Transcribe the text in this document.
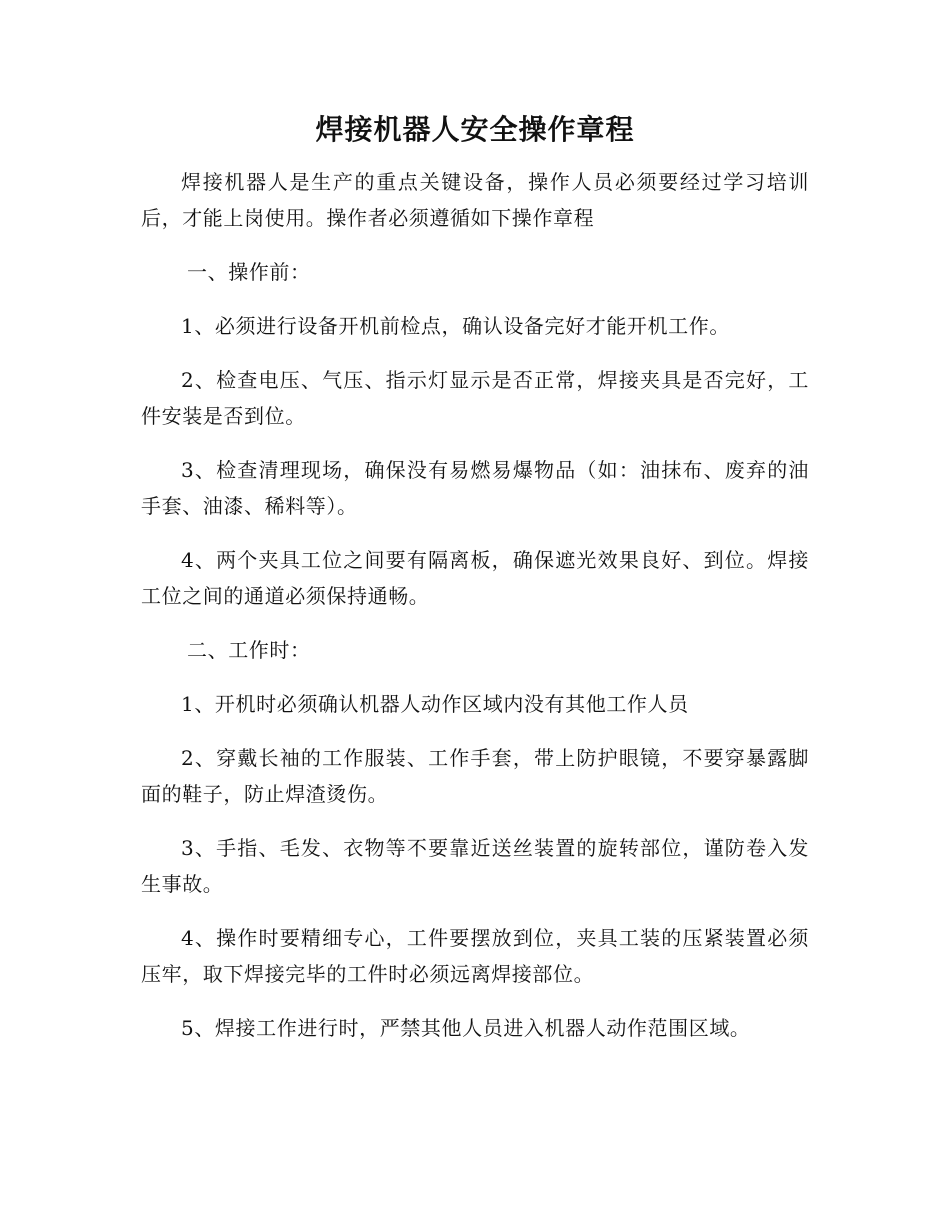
焊接机器人安全操作章程

焊接机器人是生产的重点关键设备，操作人员必须要经过学习培训后，才能上岗使用。操作者必须遵循如下操作章程

一、操作前：

1、必须进行设备开机前检点，确认设备完好才能开机工作。

2、检查电压、气压、指示灯显示是否正常，焊接夹具是否完好，工件安装是否到位。

3、检查清理现场，确保没有易燃易爆物品（如：油抹布、废弃的油手套、油漆、稀料等）。

4、两个夹具工位之间要有隔离板，确保遮光效果良好、到位。焊接工位之间的通道必须保持通畅。

二、工作时：

1、开机时必须确认机器人动作区域内没有其他工作人员

2、穿戴长袖的工作服装、工作手套，带上防护眼镜，不要穿暴露脚面的鞋子，防止焊渣烫伤。

3、手指、毛发、衣物等不要靠近送丝装置的旋转部位，谨防卷入发生事故。

4、操作时要精细专心，工件要摆放到位，夹具工装的压紧装置必须压牢，取下焊接完毕的工件时必须远离焊接部位。

5、焊接工作进行时，严禁其他人员进入机器人动作范围区域。
